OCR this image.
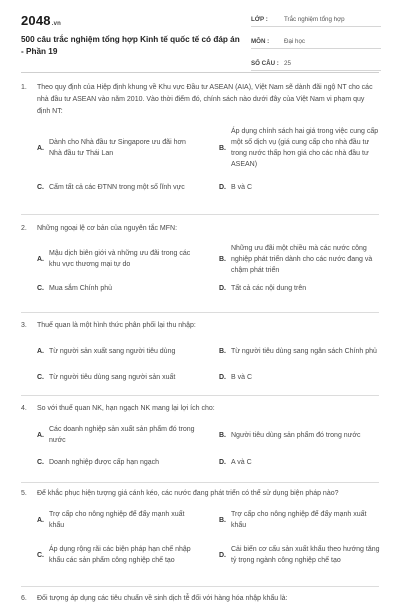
2048.vn
500 câu trắc nghiệm tổng hợp Kinh tế quốc tế có đáp án - Phần 19
LỚP :	Trắc nghiệm tổng hợp
MÔN :	Đại học
SỐ CÂU : 25
1.	Theo quy định của Hiệp định khung về Khu vực Đầu tư ASEAN (AIA), Việt Nam sẽ dành đãi ngộ NT cho các nhà đầu tư ASEAN vào năm 2010. Vào thời điểm đó, chính sách nào dưới đây của Việt Nam vi phạm quy định NT:
A.
Dành cho Nhà đầu tư Singapore ưu đãi hơn Nhà đầu tư Thái Lan
B.
Áp dụng chính sách hai giá trong việc cung cấp một số dịch vụ (giá cung cấp cho nhà đầu tư trong nước thấp hơn giá cho các nhà đầu tư ASEAN)
C. Cấm tất cả các ĐTNN trong một số lĩnh vực	D. B và C
2.	Những ngoại lệ cơ bản của nguyên tắc MFN:
A.
Mậu dịch biên giới và những ưu đãi trong các khu vực thương mại tự do
B.
Những ưu đãi một chiều mà các nước công nghiệp phát triển dành cho các nước đang và chậm phát triển
C. Mua sắm Chính phủ	D. Tất cả các nội dung trên
3.	Thuế quan là một hình thức phân phối lại thu nhập:
A. Từ người sản xuất sang người tiêu dùng	B. Từ người tiêu dùng sang ngân sách Chính phủ
C. Từ người tiêu dùng sang người sản xuất	D. B và C
4.	So với thuế quan NK, hạn ngạch NK mang lại lợi ích cho:
A.
Các doanh nghiệp sản xuất sản phẩm đó trong nước
B. Người tiêu dùng sản phẩm đó trong nước
C. Doanh nghiệp được cấp hạn ngạch	D. A và C
5.	Để khắc phục hiện tượng giá cánh kéo, các nước đang phát triển có thể sử dụng biện pháp nào?
A.
Trợ cấp cho nông nghiệp để đẩy mạnh xuất khẩu
B.
Trợ cấp cho nông nghiệp để đẩy mạnh xuất khẩu
C.
Áp dụng rộng rãi các biện pháp hạn chế nhập khẩu các sản phẩm công nghiệp chế tạo
D.
Cải biến cơ cấu sản xuất khẩu theo hướng tăng tỷ trọng ngành công nghiệp chế tạo
6.	Đối tượng áp dụng các tiêu chuẩn về sinh dịch tễ đối với hàng hóa nhập khẩu là:
